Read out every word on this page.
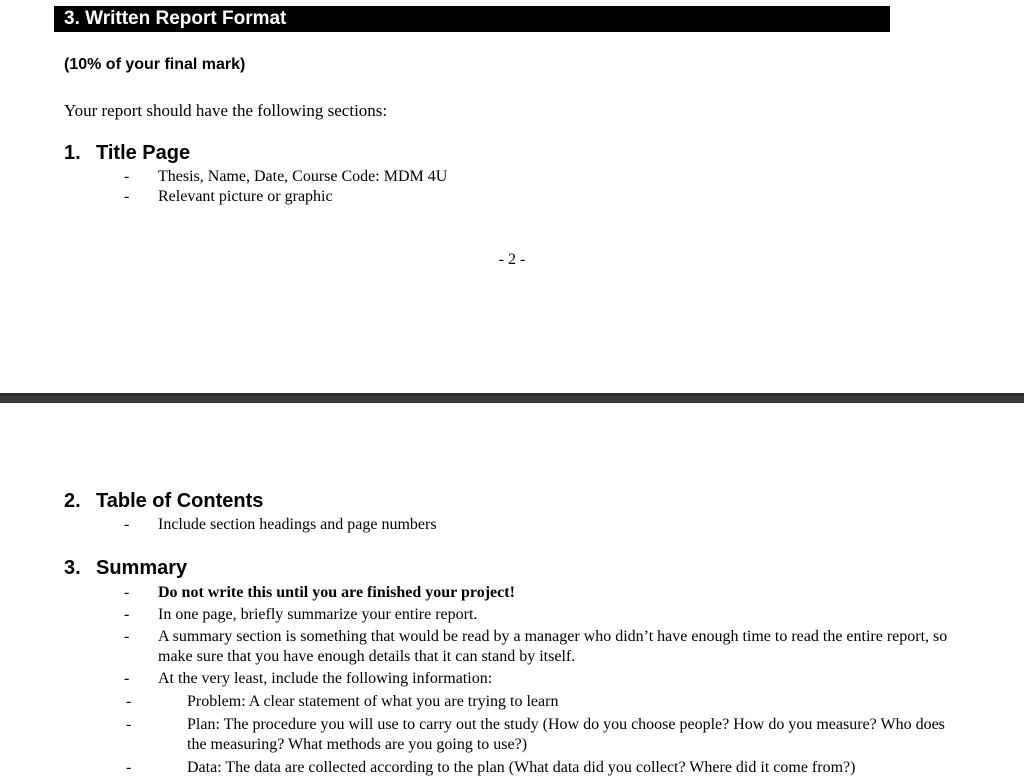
3. Written Report Format
(10% of your final mark)
Your report should have the following sections:
1. Title Page
-	Thesis, Name, Date, Course Code: MDM 4U
-	Relevant picture or graphic
- 2 -
2. Table of Contents
-	Include section headings and page numbers
3. Summary
-	Do not write this until you are finished your project!
-	In one page, briefly summarize your entire report.
-	A summary section is something that would be read by a manager who didn’t have enough time to read the entire report, so make sure that you have enough details that it can stand by itself.
-	At the very least, include the following information:
-	Problem: A clear statement of what you are trying to learn
-	Plan: The procedure you will use to carry out the study (How do you choose people? How do you measure? Who does the measuring? What methods are you going to use?)
-	Data: The data are collected according to the plan (What data did you collect? Where did it come from?)
